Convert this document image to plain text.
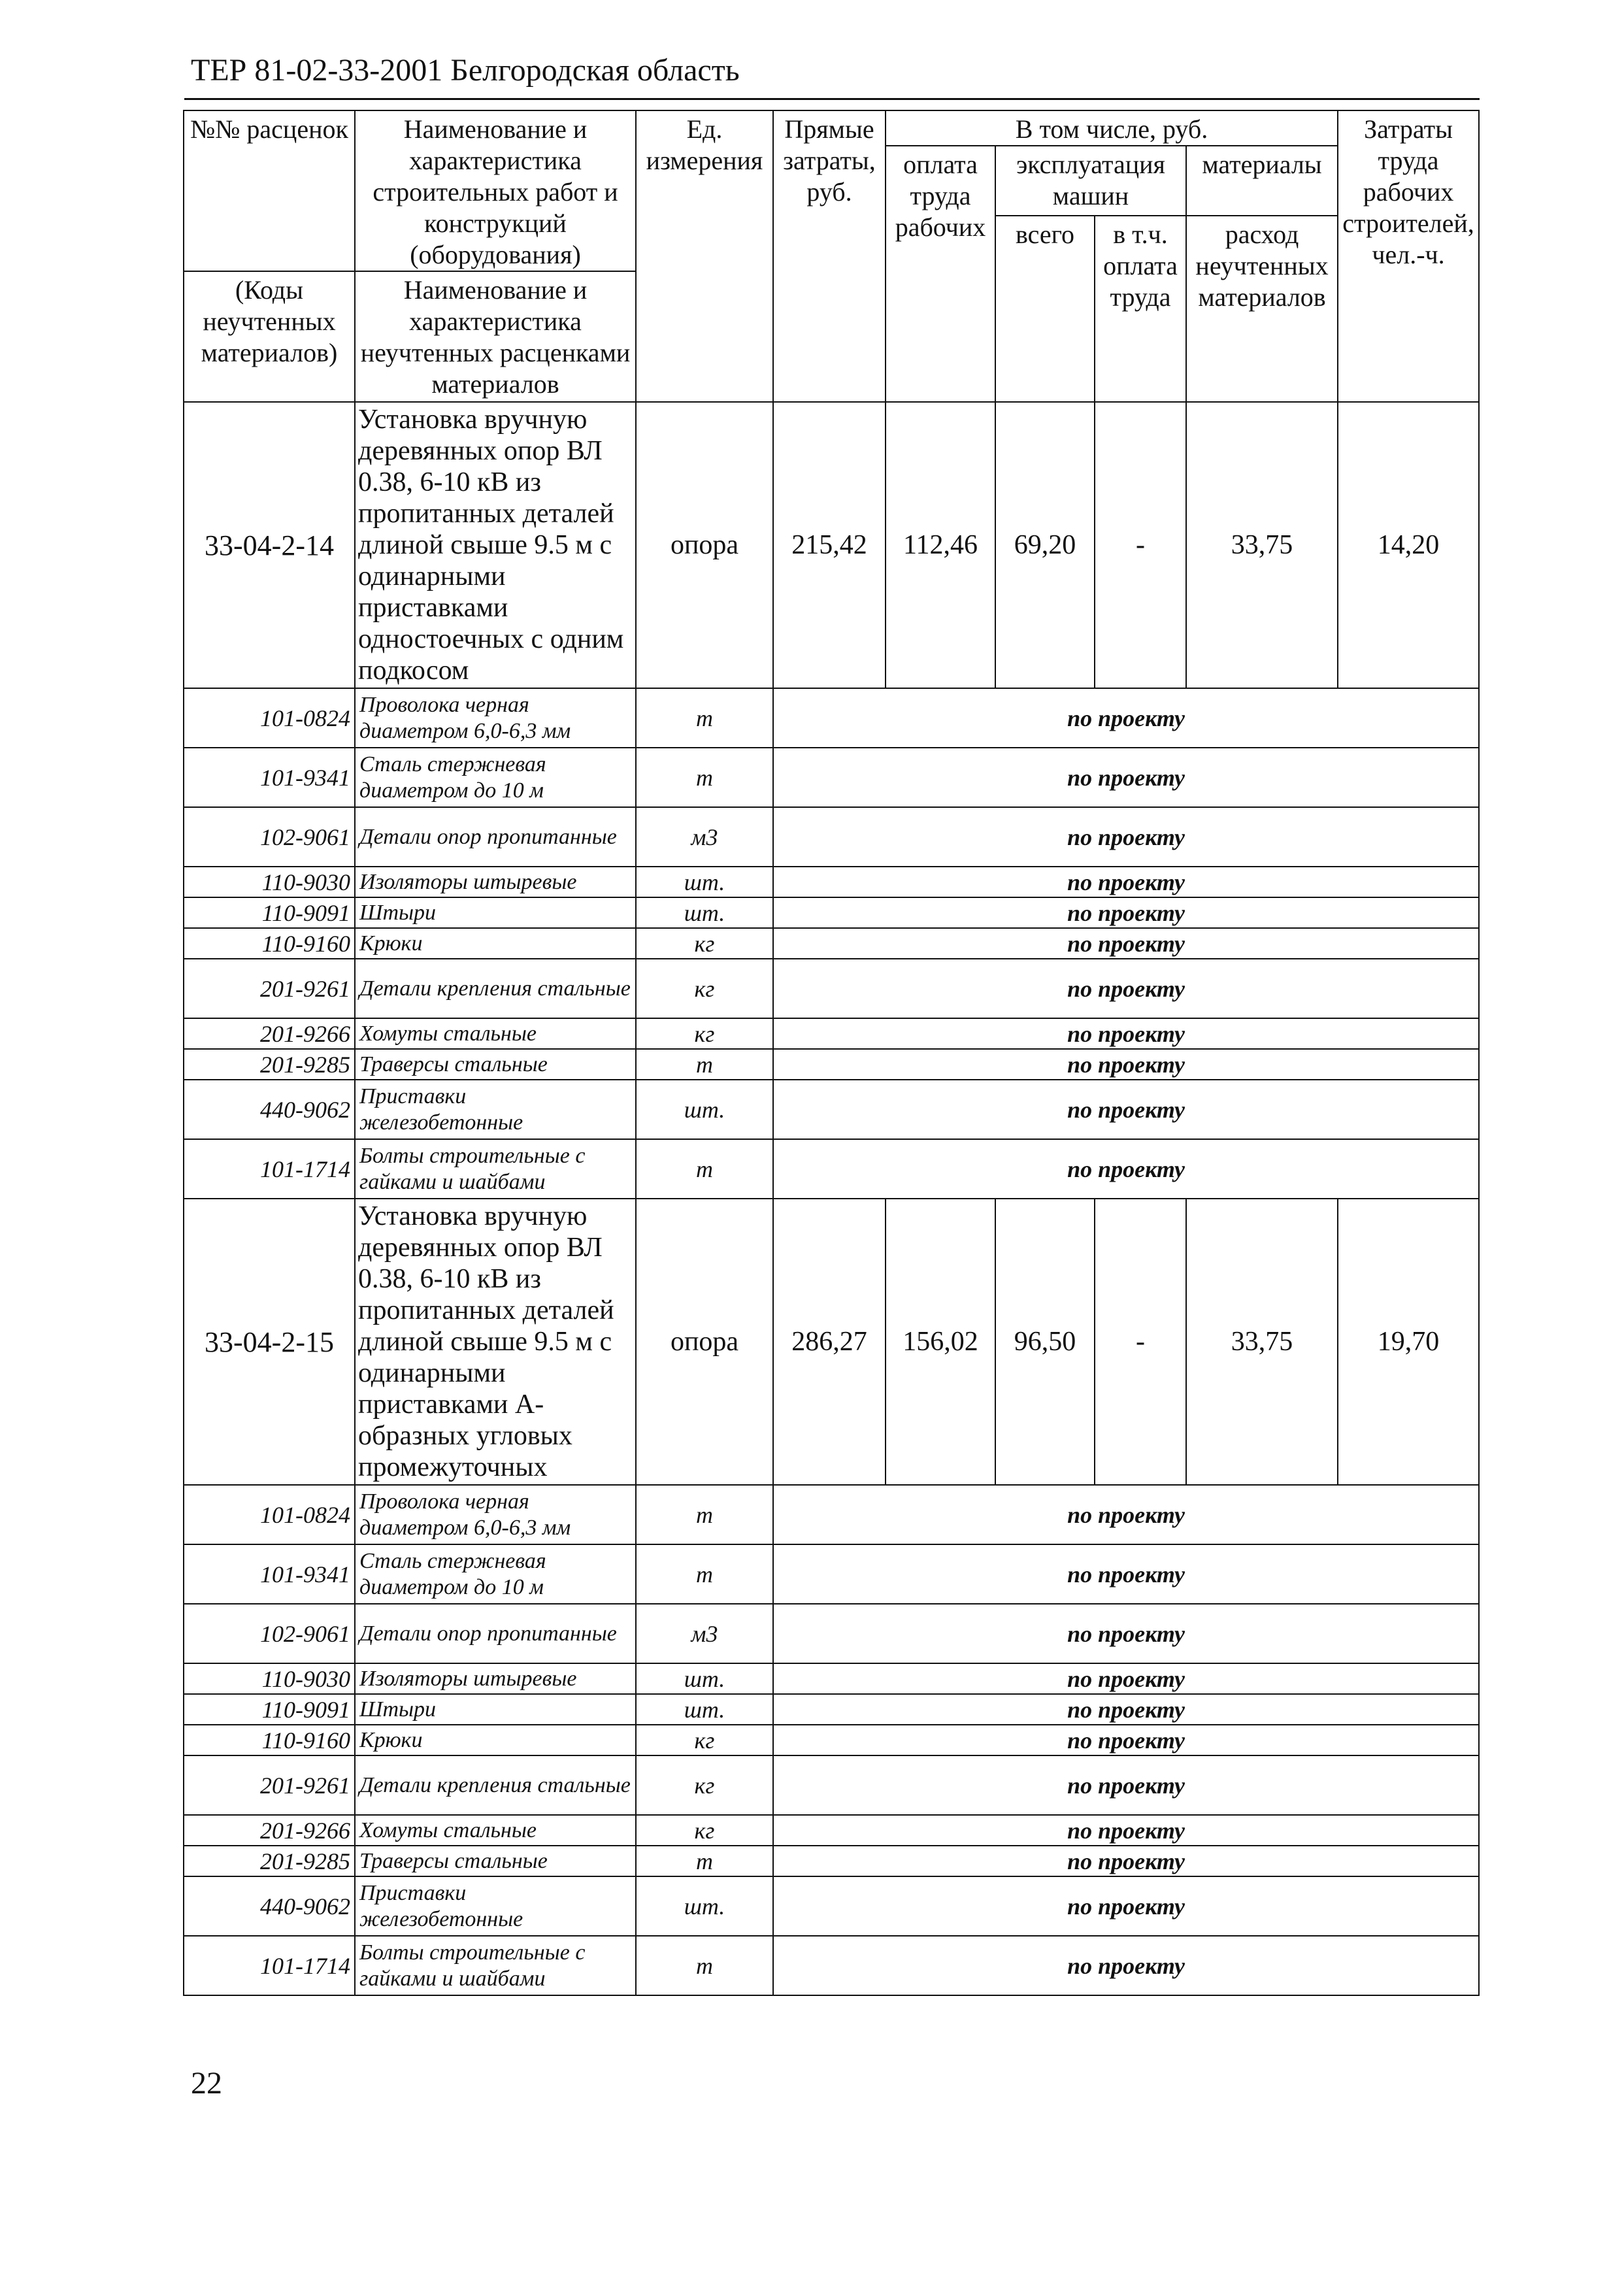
ТЕР 81-02-33-2001 Белгородская область
№№ расценок	Наименование и характеристика строительных работ и конструкций (оборудования)	Ед. измерения	Прямые затраты, руб.	В том числе, руб.				Затраты труда рабочих строителей, чел.-ч.
				оплата труда рабочих	эксплуатация машин		материалы	
					всего	в т.ч. оплата труда	расход неучтенных материалов	
(Коды неучтенных материалов)	Наименование и характеристика неучтенных расценками материалов							
33-04-2-14	Установка вручную деревянных опор ВЛ 0.38, 6-10 кВ из пропитанных деталей длиной свыше 9.5 м с одинарными приставками одностоечных с одним подкосом	опора	215,42	112,46	69,20	-	33,75	14,20
101-0824	Проволока черная диаметром 6,0-6,3 мм	т	по проекту					
101-9341	Сталь стержневая диаметром до 10 м	т	по проекту					
102-9061	Детали опор пропитанные	м3	по проекту					
110-9030	Изоляторы штыревые	шт.	по проекту					
110-9091	Штыри	шт.	по проекту					
110-9160	Крюки	кг	по проекту					
201-9261	Детали крепления стальные	кг	по проекту					
201-9266	Хомуты стальные	кг	по проекту					
201-9285	Траверсы стальные	т	по проекту					
440-9062	Приставки железобетонные	шт.	по проекту					
101-1714	Болты строительные с гайками и шайбами	т	по проекту					
33-04-2-15	Установка вручную деревянных опор ВЛ 0.38, 6-10 кВ из пропитанных деталей длиной свыше 9.5 м с одинарными приставками А- образных угловых промежуточных	опора	286,27	156,02	96,50	-	33,75	19,70
101-0824	Проволока черная диаметром 6,0-6,3 мм	т	по проекту					
101-9341	Сталь стержневая диаметром до 10 м	т	по проекту					
102-9061	Детали опор пропитанные	м3	по проекту					
110-9030	Изоляторы штыревые	шт.	по проекту					
110-9091	Штыри	шт.	по проекту					
110-9160	Крюки	кг	по проекту					
201-9261	Детали крепления стальные	кг	по проекту					
201-9266	Хомуты стальные	кг	по проекту					
201-9285	Траверсы стальные	т	по проекту					
440-9062	Приставки железобетонные	шт.	по проекту					
101-1714	Болты строительные с гайками и шайбами	т	по проекту					
22
